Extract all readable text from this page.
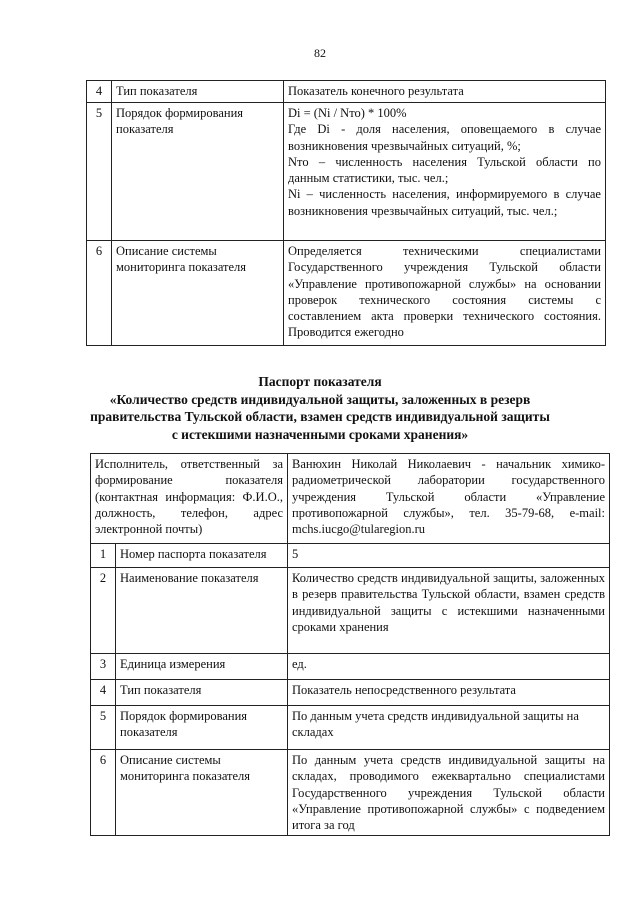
82
4	Тип показателя	Показатель конечного результата

5	Порядок формирования показателя	Di = (Ni / Nто) * 100%
Где Di - доля населения, оповещаемого в случае возникновения чрезвычайных ситуаций, %;
Nто – численность населения Тульской области по данным статистики, тыс. чел.;
Ni – численность населения, информируемого в случае возникновения чрезвычайных ситуаций, тыс. чел.;

6	Описание системы мониторинга показателя	Определяется техническими специалистами Государственного учреждения Тульской области «Управление противопожарной службы» на основании проверок технического состояния системы с составлением акта проверки технического состояния. Проводится ежегодно
Паспорт показателя
«Количество средств индивидуальной защиты, заложенных в резерв
правительства Тульской области, взамен средств индивидуальной защиты
с истекшими назначенными сроками хранения»
Исполнитель, ответственный за формирование показателя (контактная информация: Ф.И.О., должность, телефон, адрес электронной почты)		Ванюхин Николай Николаевич - начальник химико-радиометрической лаборатории государственного учреждения Тульской области «Управление противопожарной службы», тел. 35-79-68, e-mail: mchs.iucgo@tularegion.ru
1	Номер паспорта показателя	5
2	Наименование показателя	Количество средств индивидуальной защиты, заложенных в резерв правительства Тульской области, взамен средств индивидуальной защиты с истекшими назначенными сроками хранения
3	Единица измерения	ед.
4	Тип показателя	Показатель непосредственного результата
5	Порядок формирования показателя	По данным учета средств индивидуальной защиты на складах
6	Описание системы мониторинга показателя	По данным учета средств индивидуальной защиты на складах, проводимого ежеквартально специалистами Государственного учреждения Тульской области «Управление противопожарной службы» с подведением итога за год
